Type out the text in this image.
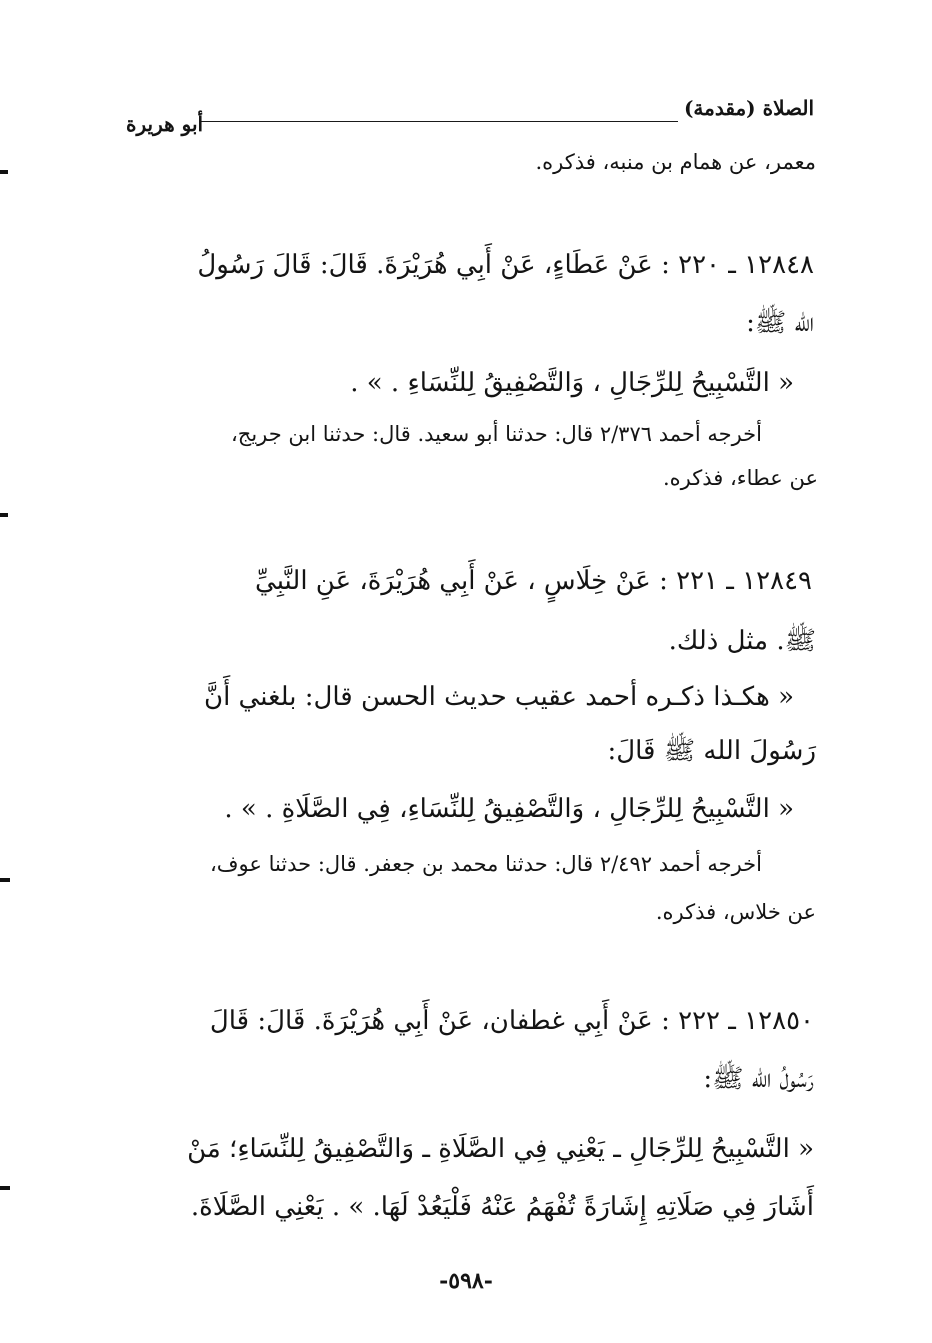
الصلاة (مقدمة)
أبو هريرة
معمر، عن همام بن منبه، فذكره.
١٢٨٤٨ ـ ٢٢٠ : عَنْ عَطَاءٍ، عَنْ أَبِي هُرَيْرَةَ. قَالَ: قَالَ رَسُولُ
الله ﷺ:
« التَّسْبِيحُ لِلرِّجَالِ ، وَالتَّصْفِيقُ لِلنِّسَاءِ . » .
أخرجه أحمد ٢/٣٧٦ قال: حدثنا أبو سعيد. قال: حدثنا ابن جريج،
عن عطاء، فذكره.
١٢٨٤٩ ـ ٢٢١ : عَنْ خِلَاسٍ ، عَنْ أَبِي هُرَيْرَةَ، عَنِ النَّبِيِّ
ﷺ. مثل ذلك.
« هكـذا ذكـره أحمد عقيب حديث الحسن قال: بلغني أَنَّ
رَسُولَ الله ﷺ قَالَ:
« التَّسْبِيحُ لِلرِّجَالِ ، وَالتَّصْفِيقُ لِلنِّسَاءِ، فِي الصَّلَاةِ . » .
أخرجه أحمد ٢/٤٩٢ قال: حدثنا محمد بن جعفر. قال: حدثنا عوف،
عن خلاس، فذكره.
١٢٨٥٠ ـ ٢٢٢ : عَنْ أَبِي غطفان، عَنْ أَبِي هُرَيْرَةَ. قَالَ: قَالَ
رَسُولُ الله ﷺ:
« التَّسْبِيحُ لِلرِّجَالِ ـ يَعْنِي فِي الصَّلَاةِ ـ وَالتَّصْفِيقُ لِلنِّسَاءِ؛ مَنْ
أَشَارَ فِي صَلَاتِهِ إِشَارَةً تُفْهَمُ عَنْهُ فَلْيَعُدْ لَهَا. » . يَعْنِي الصَّلَاةَ.
-٥٩٨-
